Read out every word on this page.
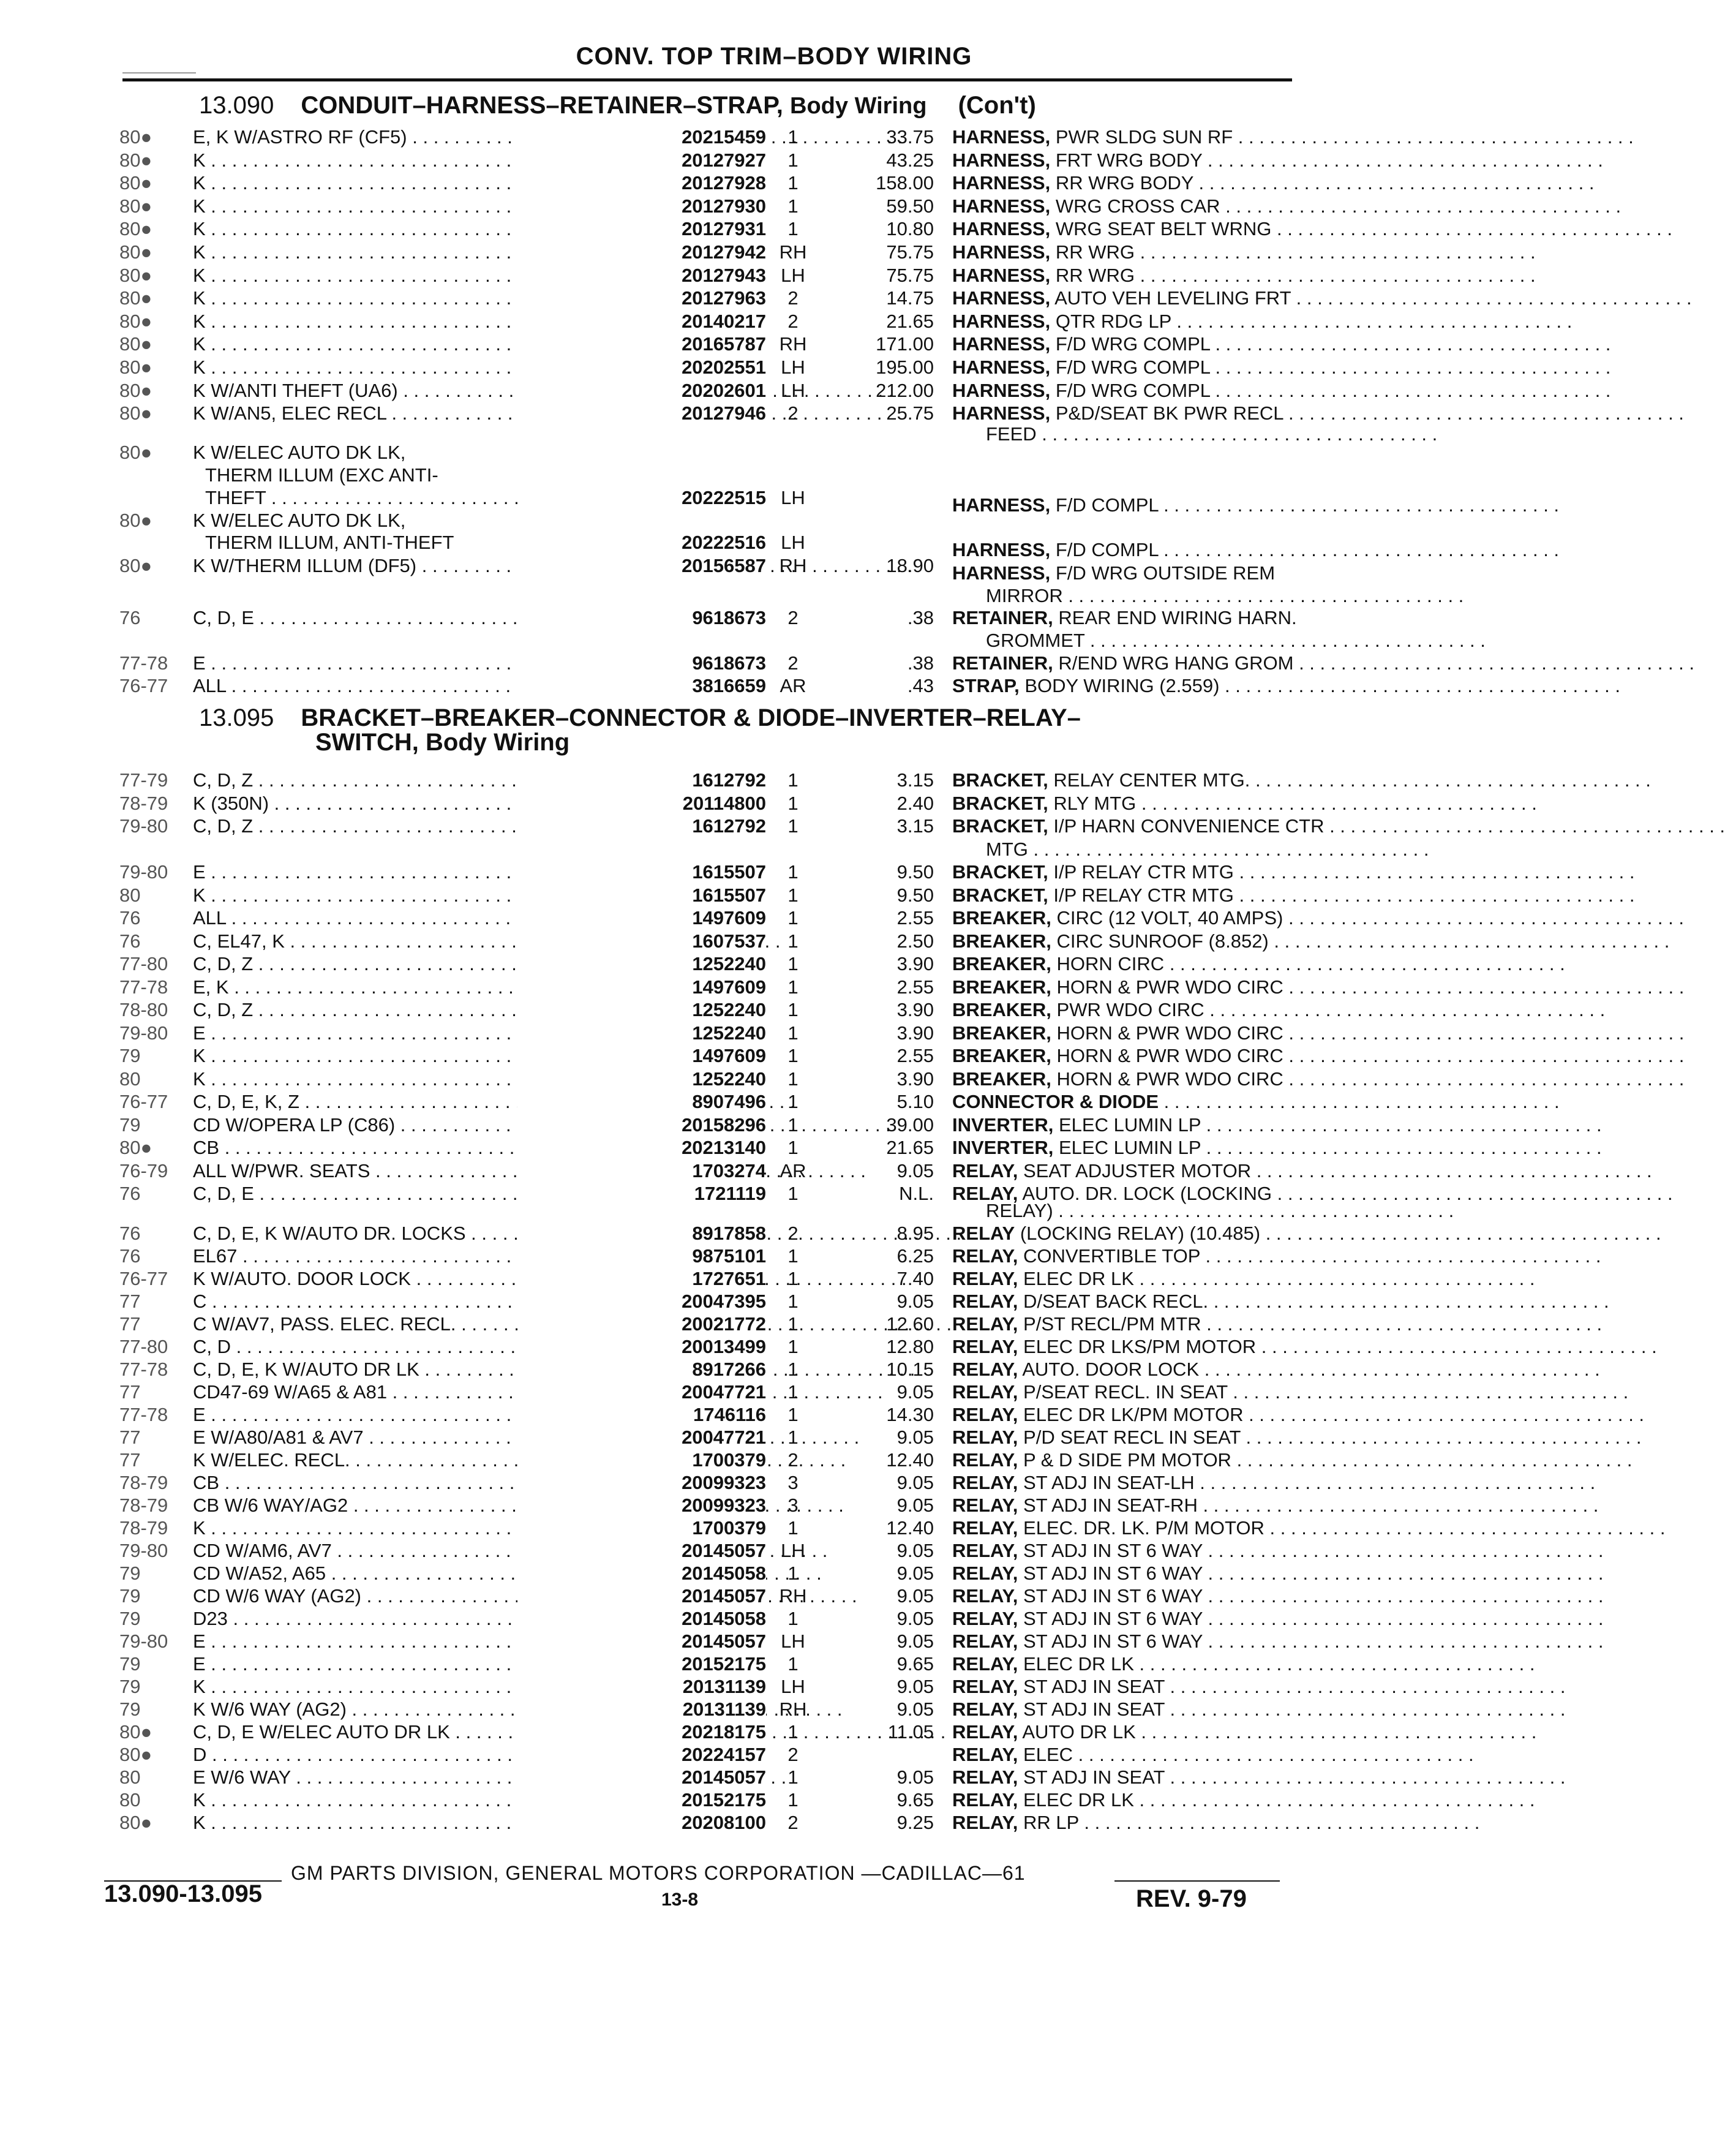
CONV. TOP TRIM–BODY WIRING
13.090 CONDUIT–HARNESS–RETAINER–STRAP, Body Wiring (Con't)
80●	E, K W/ASTRO RF (CF5) . . .	20215459	1	33.75 HARNESS, PWR SLDG SUN RF . . .
80●	K . . .	20127927	1	43.25 HARNESS, FRT WRG BODY . . .
80●	K . . .	20127928	1	158.00 HARNESS, RR WRG BODY . . .
80●	K . . .	20127930	1	59.50 HARNESS, WRG CROSS CAR . . .
80●	K . . .	20127931	1	10.80 HARNESS, WRG SEAT BELT WRNG . . .
80●	K . . .	20127942 RH	75.75 HARNESS, RR WRG . . .
80●	K . . .	20127943 LH	75.75 HARNESS, RR WRG . . .
80●	K . . .	20127963	2	14.75 HARNESS, AUTO VEH LEVELING FRT . . .
80●	K . . .	20140217	2	21.65 HARNESS, QTR RDG LP . . .
80●	K . . .	20165787 RH	171.00 HARNESS, F/D WRG COMPL . . .
80●	K . . .	20202551 LH	195.00 HARNESS, F/D WRG COMPL . . .
80●	K W/ANTI THEFT (UA6) . . .	20202601 LH	212.00 HARNESS, F/D WRG COMPL . . .
80●	K W/AN5, ELEC RECL . . .	20127946	2	25.75 HARNESS, P&D/SEAT BK PWR RECL . . .
FEED . . .
80●	K W/ELEC AUTO DK LK,
THERM ILLUM (EXC ANTI-
THEFT . . .	20222515 LH	HARNESS, F/D COMPL . . .
80●	K W/ELEC AUTO DK LK,
THERM ILLUM, ANTI-THEFT	20222516 LH	HARNESS, F/D COMPL . . .
80●	K W/THERM ILLUM (DF5) . . .	20156587 RH	18.90 HARNESS, F/D WRG OUTSIDE REM
MIRROR . . .
76	C, D, E . . .	9618673	2	.38 RETAINER, REAR END WIRING HARN.
GROMMET . . .
77-78 E . . .	9618673	2	.38 RETAINER, R/END WRG HANG GROM . . .
76-77 ALL . . .	3816659 AR	.43 STRAP, BODY WIRING (2.559) . . .
13.095 BRACKET–BREAKER–CONNECTOR & DIODE–INVERTER–RELAY–
SWITCH, Body Wiring
77-79 C, D, Z . . .	1612792	1	3.15 BRACKET, RELAY CENTER MTG. . . .
78-79 K (350N) . . .	20114800	1	2.40 BRACKET, RLY MTG . . .
79-80 C, D, Z . . .	1612792	1	3.15 BRACKET, I/P HARN CONVENIENCE CTR . . .
MTG . . .
79-80 E . . .	1615507	1	9.50 BRACKET, I/P RELAY CTR MTG . . .
80	K . . .	1615507	1	9.50 BRACKET, I/P RELAY CTR MTG . . .
76	ALL . . .	1497609	1	2.55 BREAKER, CIRC (12 VOLT, 40 AMPS) . . .
76	C, EL47, K . . .	1607537	1	2.50 BREAKER, CIRC SUNROOF (8.852) . . .
77-80 C, D, Z . . .	1252240	1	3.90 BREAKER, HORN CIRC . . .
77-78 E, K . . .	1497609	1	2.55 BREAKER, HORN & PWR WDO CIRC . . .
78-80 C, D, Z . . .	1252240	1	3.90 BREAKER, PWR WDO CIRC . . .
79-80 E . . .	1252240	1	3.90 BREAKER, HORN & PWR WDO CIRC . . .
79	K . . .	1497609	1	2.55 BREAKER, HORN & PWR WDO CIRC . . .
80	K . . .	1252240	1	3.90 BREAKER, HORN & PWR WDO CIRC . . .
76-77 C, D, E, K, Z . . .	8907496	1	5.10 CONNECTOR & DIODE . . .
79	CD W/OPERA LP (C86) . . .	20158296	1	39.00 INVERTER, ELEC LUMIN LP . . .
80●	CB . . .	20213140	1	21.65 INVERTER, ELEC LUMIN LP . . .
76-79 ALL W/PWR. SEATS . . .	1703274 AR	9.05 RELAY, SEAT ADJUSTER MOTOR . . .
76	C, D, E . . .	1721119	1	N.L. RELAY, AUTO. DR. LOCK (LOCKING . . .
RELAY) . . .
76	C, D, E, K W/AUTO DR. LOCKS . . .	8917858	2	8.95 RELAY (LOCKING RELAY) (10.485) . . .
76	EL67 . . .	9875101	1	6.25 RELAY, CONVERTIBLE TOP . . .
76-77 K W/AUTO. DOOR LOCK . . .	1727651	1	7.40 RELAY, ELEC DR LK . . .
77	C . . .	20047395	1	9.05 RELAY, D/SEAT BACK RECL. . . .
77	C W/AV7, PASS. ELEC. RECL. . . .	20021772	1	12.60 RELAY, P/ST RECL/PM MTR . . .
77-80 C, D . . .	20013499	1	12.80 RELAY, ELEC DR LKS/PM MOTOR . . .
77-78 C, D, E, K W/AUTO DR LK . . .	8917266	1	10.15 RELAY, AUTO. DOOR LOCK . . .
77	CD47-69 W/A65 & A81 . . .	20047721	1	9.05 RELAY, P/SEAT RECL. IN SEAT . . .
77-78 E . . .	1746116	1	14.30 RELAY, ELEC DR LK/PM MOTOR . . .
77	E W/A80/A81 & AV7 . . .	20047721	1	9.05 RELAY, P/D SEAT RECL IN SEAT . . .
77	K W/ELEC. RECL. . . .	1700379	2	12.40 RELAY, P & D SIDE PM MOTOR . . .
78-79 CB . . .	20099323	3	9.05 RELAY, ST ADJ IN SEAT-LH . . .
78-79 CB W/6 WAY/AG2 . . .	20099323	3	9.05 RELAY, ST ADJ IN SEAT-RH . . .
78-79 K . . .	1700379	1	12.40 RELAY, ELEC. DR. LK. P/M MOTOR . . .
79-80 CD W/AM6, AV7 . . .	20145057 LH	9.05 RELAY, ST ADJ IN ST 6 WAY . . .
79	CD W/A52, A65 . . .	20145058	1	9.05 RELAY, ST ADJ IN ST 6 WAY . . .
79	CD W/6 WAY (AG2) . . .	20145057 RH	9.05 RELAY, ST ADJ IN ST 6 WAY . . .
79	D23 . . .	20145058	1	9.05 RELAY, ST ADJ IN ST 6 WAY . . .
79-80 E . . .	20145057 LH	9.05 RELAY, ST ADJ IN ST 6 WAY . . .
79	E . . .	20152175	1	9.65 RELAY, ELEC DR LK . . .
79	K . . .	20131139 LH	9.05 RELAY, ST ADJ IN SEAT . . .
79	K W/6 WAY (AG2) . . .	20131139 RH	9.05 RELAY, ST ADJ IN SEAT . . .
80●	C, D, E W/ELEC AUTO DR LK . . .	20218175	1	11.05 RELAY, AUTO DR LK . . .
80●	D . . .	20224157	2	RELAY, ELEC . . .
80	E W/6 WAY . . .	20145057	1	9.05 RELAY, ST ADJ IN SEAT . . .
80	K . . .	20152175	1	9.65 RELAY, ELEC DR LK . . .
80●	K . . .	20208100	2	9.25 RELAY, RR LP . . .
GM PARTS DIVISION, GENERAL MOTORS CORPORATION —CADILLAC—61
13.090-13.095	13-8	REV. 9-79
